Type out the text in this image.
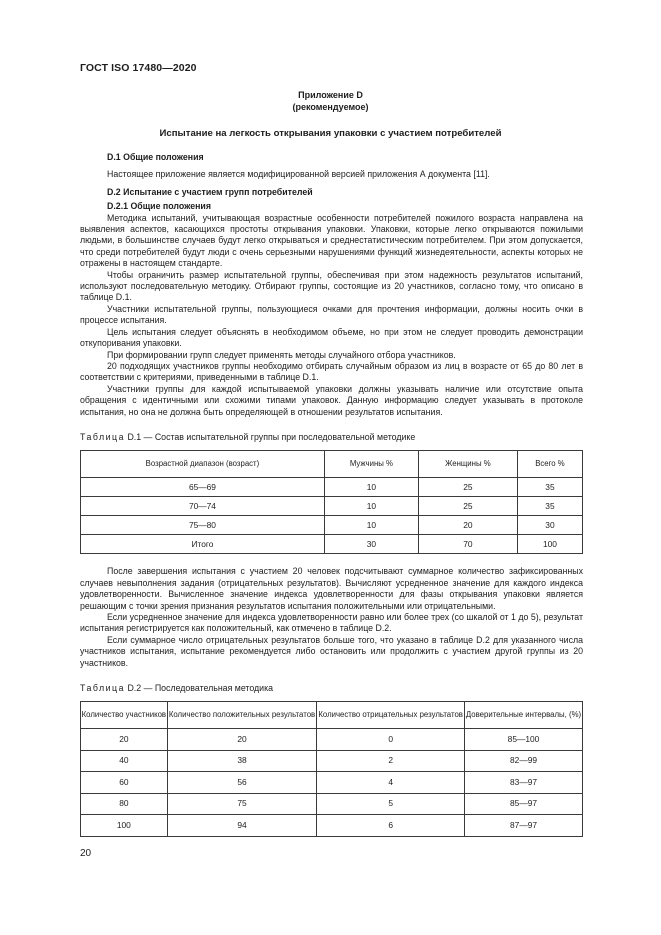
ГОСТ ISO 17480—2020
Приложение D
(рекомендуемое)
Испытание на легкость открывания упаковки с участием потребителей
D.1 Общие положения
Настоящее приложение является модифицированной версией приложения А документа [11].
D.2 Испытание с участием групп потребителей
D.2.1 Общие положения
Методика испытаний, учитывающая возрастные особенности потребителей пожилого возраста направлена на выявления аспектов, касающихся простоты открывания упаковки. Упаковки, которые легко открываются пожилыми людьми, в большинстве случаев будут легко открываться и среднестатистическим потребителем. При этом допускается, что среди потребителей будут люди с очень серьезными нарушениями функций жизнедеятельности, аспекты которых не отражены в настоящем стандарте.
Чтобы ограничить размер испытательной группы, обеспечивая при этом надежность результатов испытаний, используют последовательную методику. Отбирают группы, состоящие из 20 участников, согласно тому, что описано в таблице D.1.
Участники испытательной группы, пользующиеся очками для прочтения информации, должны носить очки в процессе испытания.
Цель испытания следует объяснять в необходимом объеме, но при этом не следует проводить демонстрации откупоривания упаковки.
При формировании групп следует применять методы случайного отбора участников.
20 подходящих участников группы необходимо отбирать случайным образом из лиц в возрасте от 65 до 80 лет в соответствии с критериями, приведенными в таблице D.1.
Участники группы для каждой испытываемой упаковки должны указывать наличие или отсутствие опыта обращения с идентичными или схожими типами упаковок. Данную информацию следует указывать в протоколе испытания, но она не должна быть определяющей в отношении результатов испытания.
Таблица D.1 — Состав испытательной группы при последовательной методике
Возрастной диапазон (возраст)	Мужчины %	Женщины %	Всего %
65—69	10	25	35
70—74	10	25	35
75—80	10	20	30
Итого	30	70	100
После завершения испытания с участием 20 человек подсчитывают суммарное количество зафиксированных случаев невыполнения задания (отрицательных результатов). Вычисляют усредненное значение для каждого индекса удовлетворенности. Вычисленное значение индекса удовлетворенности для фазы открывания упаковки является решающим с точки зрения признания результатов испытания положительными или отрицательными.
Если усредненное значение для индекса удовлетворенности равно или более трех (со шкалой от 1 до 5), результат испытания регистрируется как положительный, как отмечено в таблице D.2.
Если суммарное число отрицательных результатов больше того, что указано в таблице D.2 для указанного числа участников испытания, испытание рекомендуется либо остановить или продолжить с участием другой группы из 20 участников.
Таблица D.2 — Последовательная методика
Количество участников	Количество положительных результатов	Количество отрицательных результатов	Доверительные интервалы, (%)
20	20	0	85—100
40	38	2	82—99
60	56	4	83—97
80	75	5	85—97
100	94	6	87—97
20
